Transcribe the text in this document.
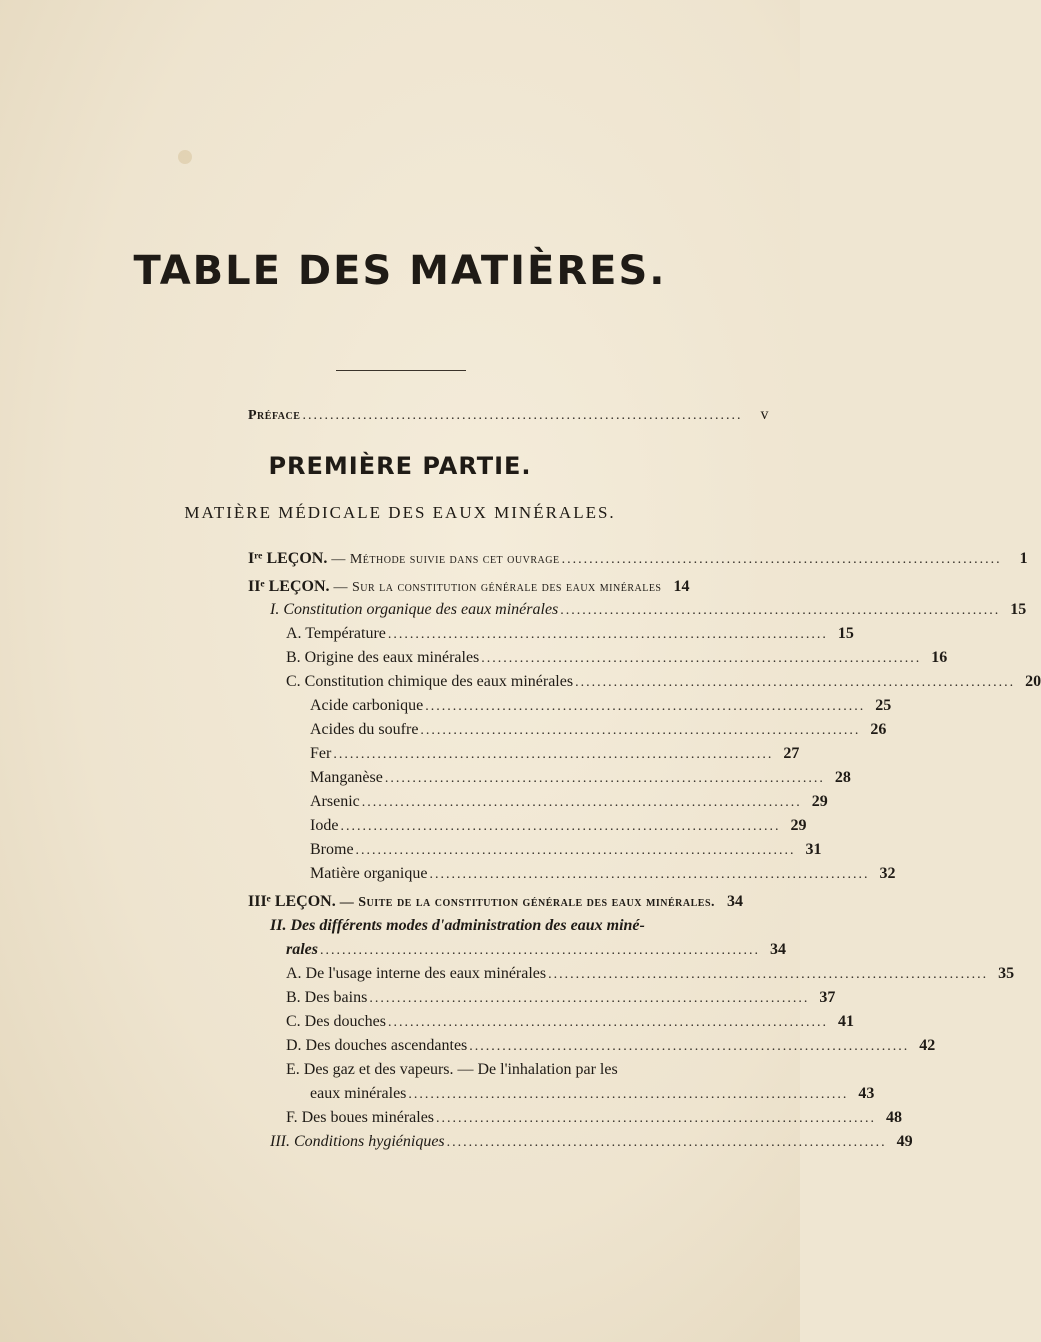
TABLE DES MATIÈRES.
Préface ................................................................................	v
PREMIÈRE PARTIE.
MATIÈRE MÉDICALE DES EAUX MINÉRALES.
Iʳᵉ LEÇON. — Méthode suivie dans cet ouvrage ................................................................................	1
IIᵉ LEÇON. — Sur la constitution générale des eaux minérales 14
I. Constitution organique des eaux minérales ................................................................................ 15
A. Température ................................................................................ 15
B. Origine des eaux minérales ................................................................................ 16
C. Constitution chimique des eaux minérales ................................................................................ 20
Acide carbonique ................................................................................ 25
Acides du soufre ................................................................................ 26
Fer ................................................................................ 27
Manganèse ................................................................................ 28
Arsenic ................................................................................ 29
Iode ................................................................................ 29
Brome ................................................................................ 31
Matière organique ................................................................................ 32
IIIᵉ LEÇON. — Suite de la constitution générale des eaux minérales. 34
II. Des différents modes d'administration des eaux miné-
rales ................................................................................ 34
A. De l'usage interne des eaux minérales ................................................................................ 35
B. Des bains ................................................................................ 37
C. Des douches ................................................................................ 41
D. Des douches ascendantes ................................................................................ 42
E. Des gaz et des vapeurs. — De l'inhalation par les
eaux minérales ................................................................................ 43
F. Des boues minérales ................................................................................ 48
III. Conditions hygiéniques ................................................................................ 49
